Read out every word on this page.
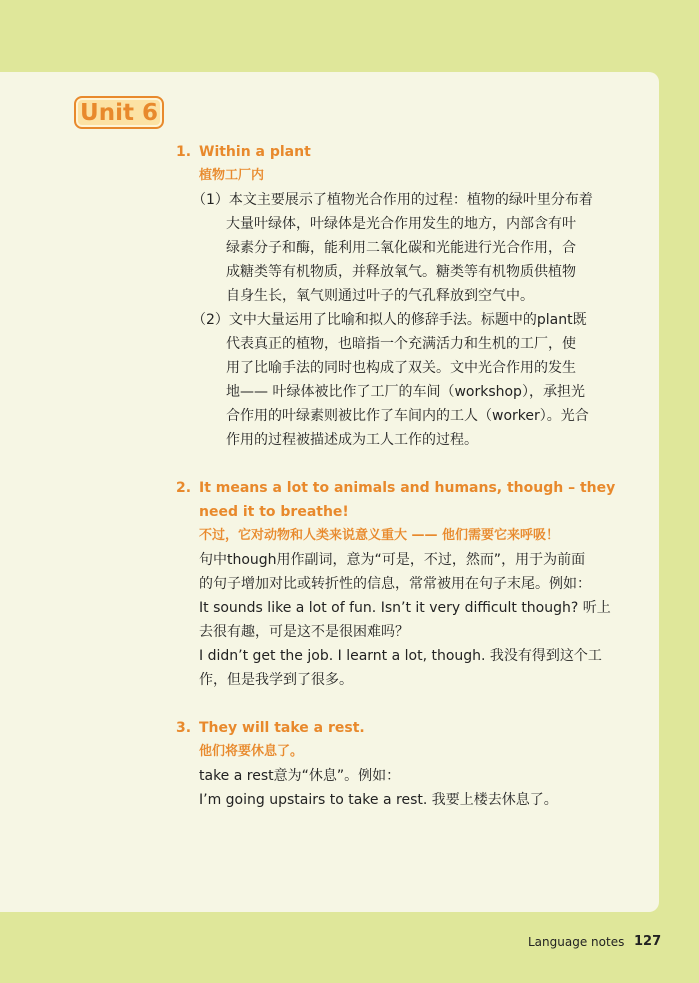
Unit 6
1. Within a plant
植物工厂内
（1）本文主要展示了植物光合作用的过程：植物的绿叶里分布着
大量叶绿体，叶绿体是光合作用发生的地方，内部含有叶
绿素分子和酶，能利用二氧化碳和光能进行光合作用，合
成糖类等有机物质，并释放氧气。糖类等有机物质供植物
自身生长，氧气则通过叶子的气孔释放到空气中。
（2）文中大量运用了比喻和拟人的修辞手法。标题中的plant既
代表真正的植物，也暗指一个充满活力和生机的工厂，使
用了比喻手法的同时也构成了双关。文中光合作用的发生
地—— 叶绿体被比作了工厂的车间（workshop），承担光
合作用的叶绿素则被比作了车间内的工人（worker）。光合
作用的过程被描述成为工人工作的过程。
2. It means a lot to animals and humans, though – they
need it to breathe!
不过，它对动物和人类来说意义重大 —— 他们需要它来呼吸！
句中though用作副词，意为“可是，不过，然而”，用于为前面
的句子增加对比或转折性的信息，常常被用在句子末尾。例如：
It sounds like a lot of fun. Isn’t it very difficult though? 听上
去很有趣，可是这不是很困难吗？
I didn’t get the job. I learnt a lot, though. 我没有得到这个工
作，但是我学到了很多。
3. They will take a rest.
他们将要休息了。
take a rest意为“休息”。例如：
I’m going upstairs to take a rest. 我要上楼去休息了。
Language notes 127
